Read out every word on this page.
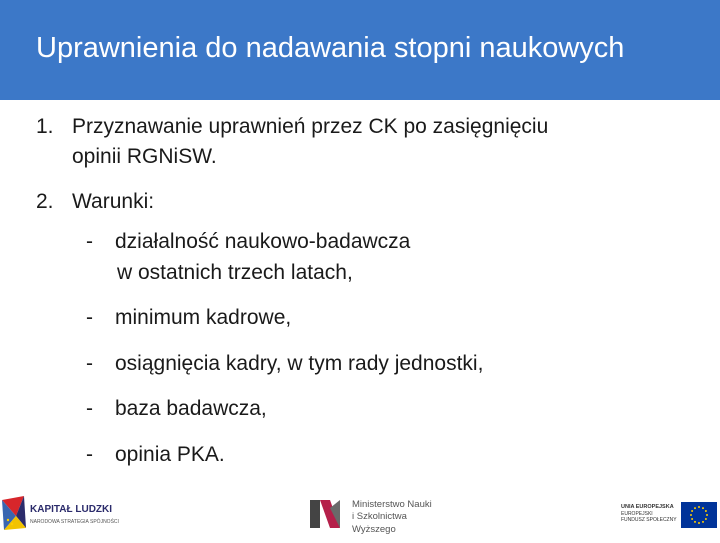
Uprawnienia do nadawania stopni naukowych
1. Przyznawanie uprawnień przez CK po zasięgnięciu
opinii RGNiSW.
2. Warunki:
- działalność naukowo-badawcza
w ostatnich trzech latach,
- minimum kadrowe,
- osiągnięcia kadry, w tym rady jednostki,
- baza badawcza,
- opinia PKA.
KAPITAŁ LUDZKI
NARODOWA STRATEGIA SPÓJNOŚCI
Ministerstwo Nauki
i Szkolnictwa Wyższego
UNIA EUROPEJSKA
EUROPEJSKI
FUNDUSZ SPOŁECZNY
